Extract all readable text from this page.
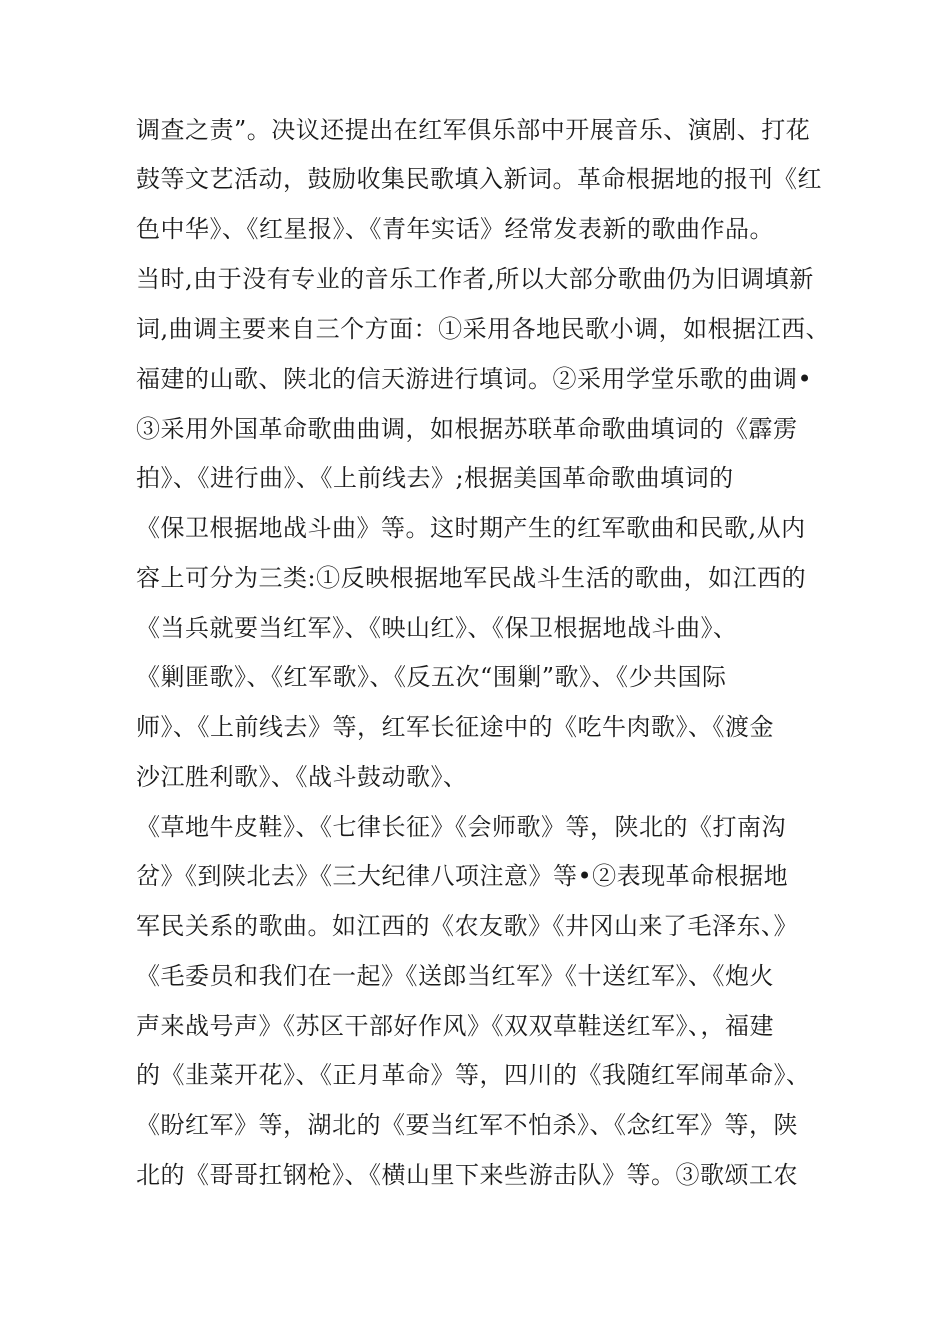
调查之责”。决议还提出在红军俱乐部中开展音乐、演剧、打花
鼓等文艺活动，鼓励收集民歌填入新词。革命根据地的报刊《红
色中华》、《红星报》、《青年实话》经常发表新的歌曲作品。
当时,由于没有专业的音乐工作者,所以大部分歌曲仍为旧调填新
词,曲调主要来自三个方面：①采用各地民歌小调，如根据江西、
福建的山歌、陕北的信天游进行填词。②采用学堂乐歌的曲调•
③采用外国革命歌曲曲调，如根据苏联革命歌曲填词的《霹雳
拍》、《进行曲》、《上前线去》;根据美国革命歌曲填词的
《保卫根据地战斗曲》等。这时期产生的红军歌曲和民歌,从内
容上可分为三类:①反映根据地军民战斗生活的歌曲，如江西的
《当兵就要当红军》、《映山红》、《保卫根据地战斗曲》、
《剿匪歌》、《红军歌》、《反五次“围剿”歌》、《少共国际
师》、《上前线去》等，红军长征途中的《吃牛肉歌》、《渡金
沙江胜利歌》、《战斗鼓动歌》、
《草地牛皮鞋》、《七律长征》《会师歌》等，陕北的《打南沟
岔》《到陕北去》《三大纪律八项注意》等•②表现革命根据地
军民关系的歌曲。如江西的《农友歌》《井冈山来了毛泽东、》
《毛委员和我们在一起》《送郎当红军》《十送红军》、《炮火
声来战号声》《苏区干部好作风》《双双草鞋送红军》、，福建
的《韭菜开花》、《正月革命》等，四川的《我随红军闹革命》、
《盼红军》等，湖北的《要当红军不怕杀》、《念红军》等，陕
北的《哥哥扛钢枪》、《横山里下来些游击队》等。③歌颂工农
